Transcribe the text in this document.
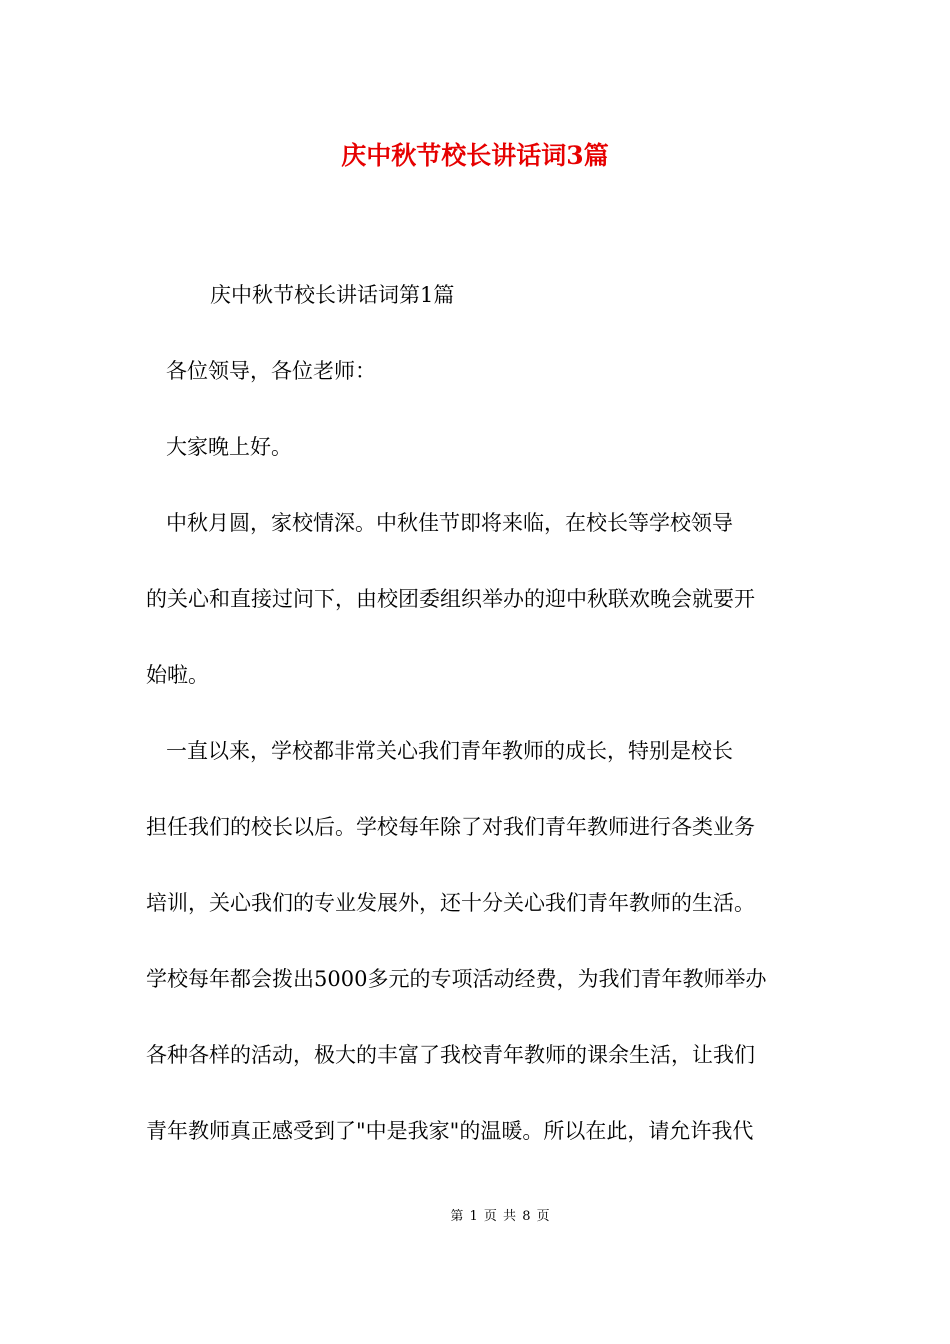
庆中秋节校长讲话词3篇
　　庆中秋节校长讲话词第1篇
　　各位领导，各位老师：
　　大家晚上好。
　　中秋月圆，家校情深。中秋佳节即将来临，在校长等学校领导
的关心和直接过问下，由校团委组织举办的迎中秋联欢晚会就要开
始啦。
　　一直以来，学校都非常关心我们青年教师的成长，特别是校长
担任我们的校长以后。学校每年除了对我们青年教师进行各类业务
培训，关心我们的专业发展外，还十分关心我们青年教师的生活。
学校每年都会拨出5000多元的专项活动经费，为我们青年教师举办
各种各样的活动，极大的丰富了我校青年教师的课余生活，让我们
青年教师真正感受到了"中是我家"的温暖。所以在此，请允许我代
第 1 页 共 8 页
